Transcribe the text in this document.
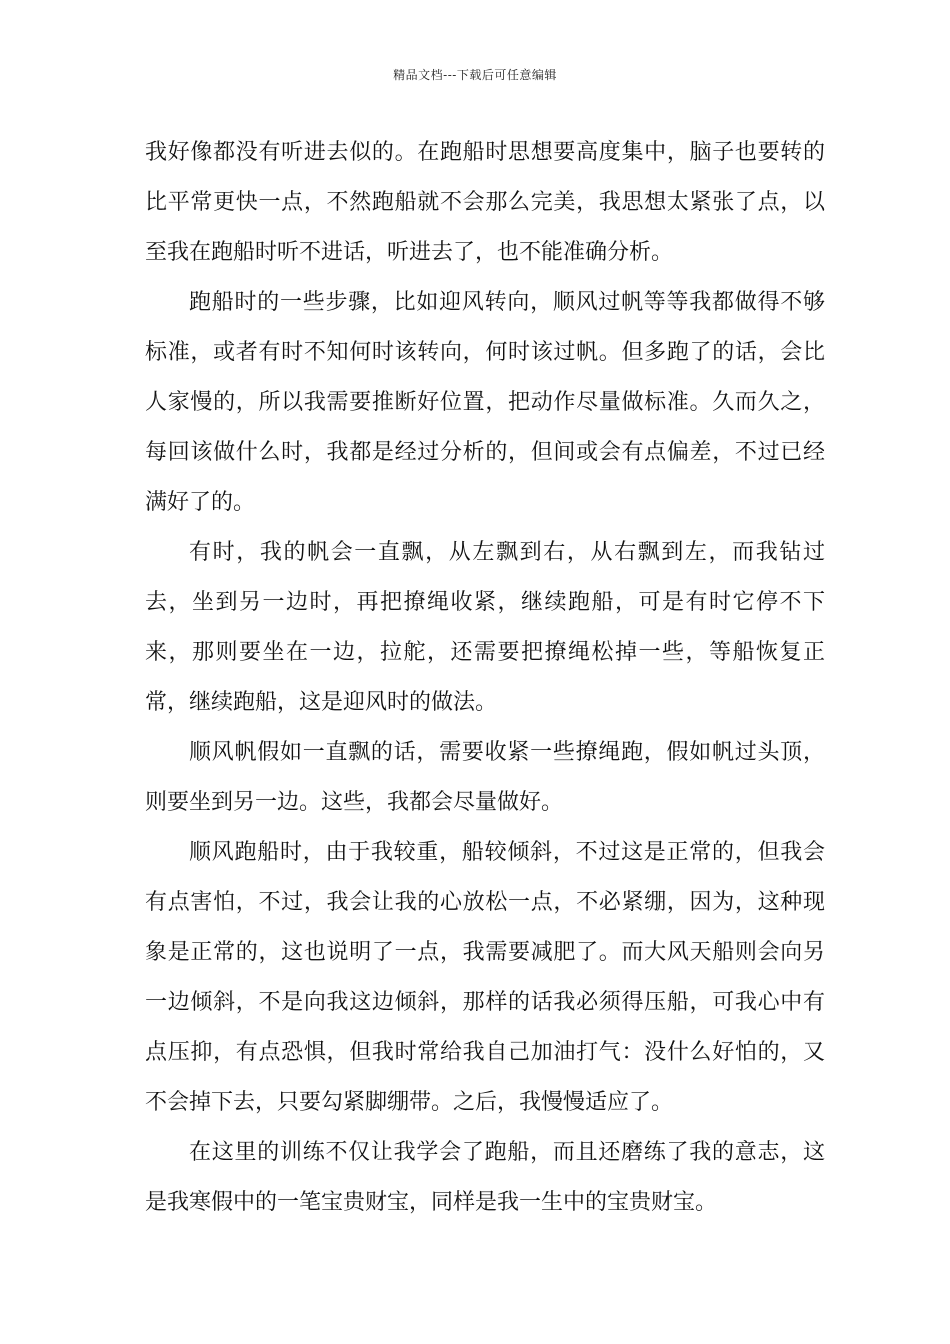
精品文档---下载后可任意编辑

我好像都没有听进去似的。在跑船时思想要高度集中，脑子也要转的比平常更快一点，不然跑船就不会那么完美，我思想太紧张了点，以至我在跑船时听不进话，听进去了，也不能准确分析。

跑船时的一些步骤，比如迎风转向，顺风过帆等等我都做得不够标准，或者有时不知何时该转向，何时该过帆。但多跑了的话，会比人家慢的，所以我需要推断好位置，把动作尽量做标准。久而久之，每回该做什么时，我都是经过分析的，但间或会有点偏差，不过已经满好了的。

有时，我的帆会一直飘，从左飘到右，从右飘到左，而我钻过去，坐到另一边时，再把撩绳收紧，继续跑船，可是有时它停不下来，那则要坐在一边，拉舵，还需要把撩绳松掉一些，等船恢复正常，继续跑船，这是迎风时的做法。

顺风帆假如一直飘的话，需要收紧一些撩绳跑，假如帆过头顶，则要坐到另一边。这些，我都会尽量做好。

顺风跑船时，由于我较重，船较倾斜，不过这是正常的，但我会有点害怕，不过，我会让我的心放松一点，不必紧绷，因为，这种现象是正常的，这也说明了一点，我需要减肥了。而大风天船则会向另一边倾斜，不是向我这边倾斜，那样的话我必须得压船，可我心中有点压抑，有点恐惧，但我时常给我自己加油打气：没什么好怕的，又不会掉下去，只要勾紧脚绷带。之后，我慢慢适应了。

在这里的训练不仅让我学会了跑船，而且还磨练了我的意志，这是我寒假中的一笔宝贵财宝，同样是我一生中的宝贵财宝。
